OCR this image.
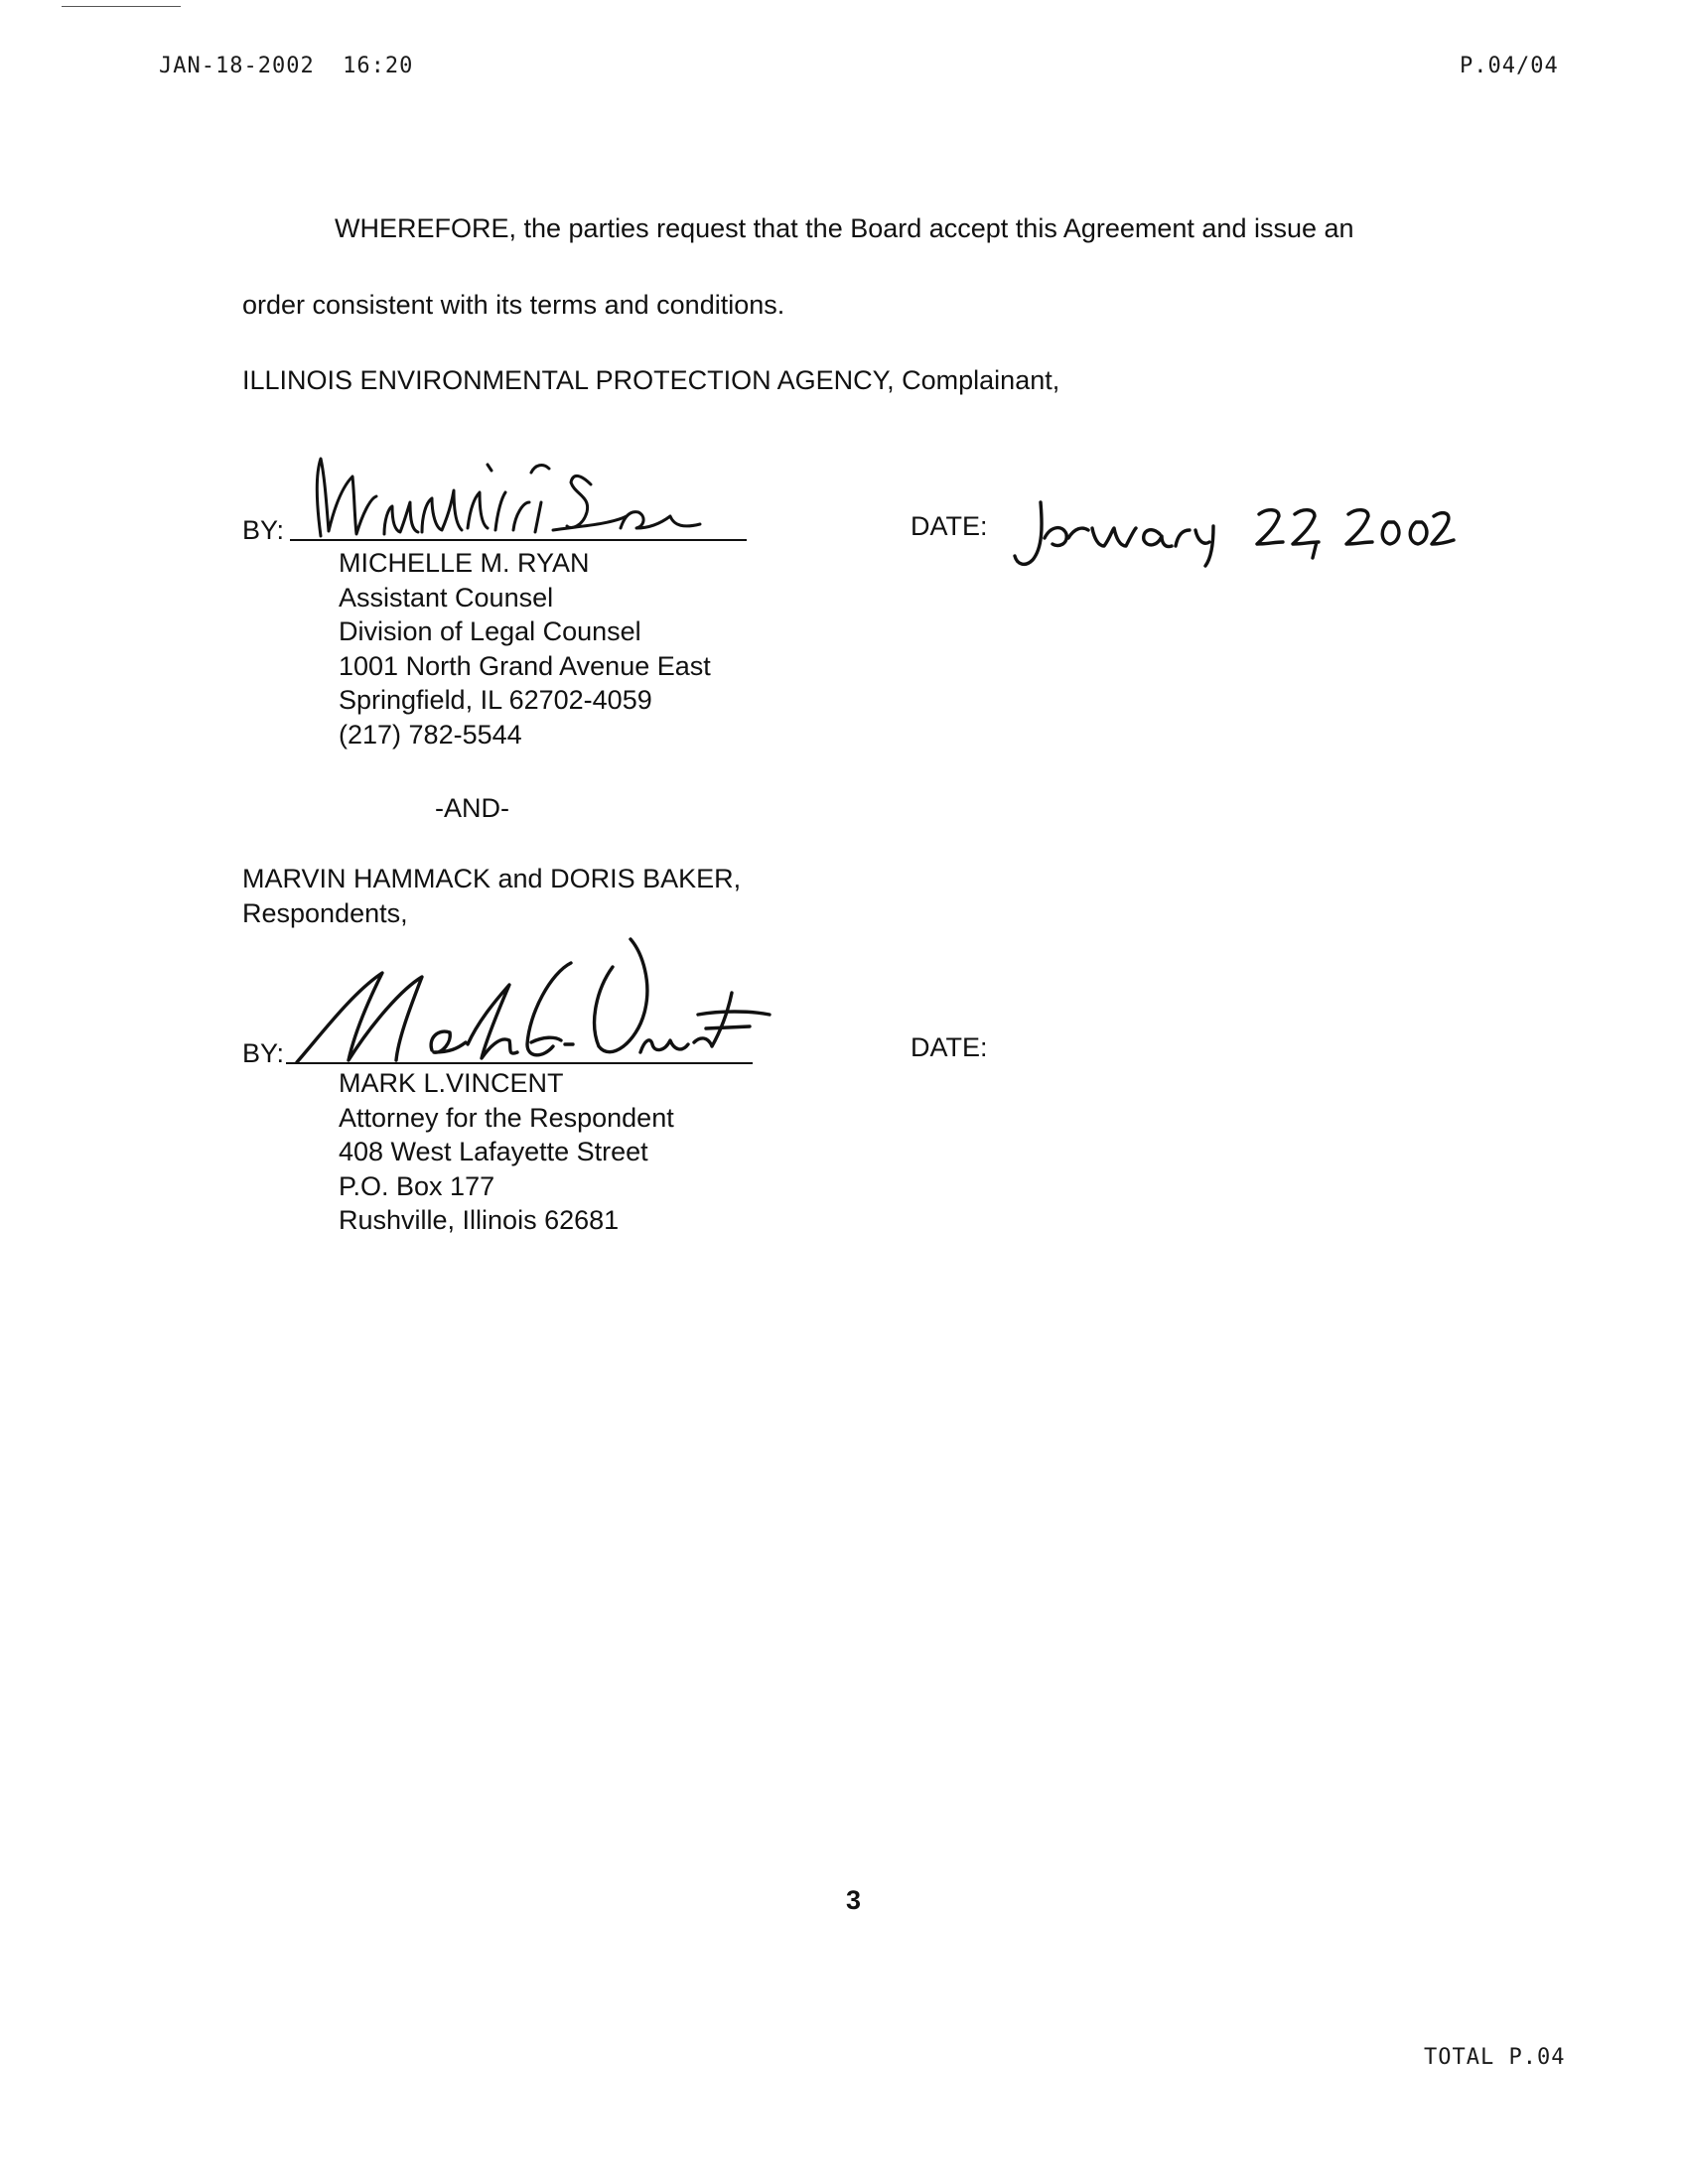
JAN-18-2002  16:20	P.04/04
WHEREFORE, the parties request that the Board accept this Agreement and issue an
order consistent with its terms and conditions.
ILLINOIS ENVIRONMENTAL PROTECTION AGENCY, Complainant,
BY:	DATE:
MICHELLE M. RYAN
Assistant Counsel
Division of Legal Counsel
1001 North Grand Avenue East
Springfield, IL 62702-4059
(217) 782-5544
-AND-
MARVIN HAMMACK and DORIS BAKER,
Respondents,
BY:	DATE:
MARK L.VINCENT
Attorney for the Respondent
408 West Lafayette Street
P.O. Box 177
Rushville, Illinois 62681
3
TOTAL P.04
